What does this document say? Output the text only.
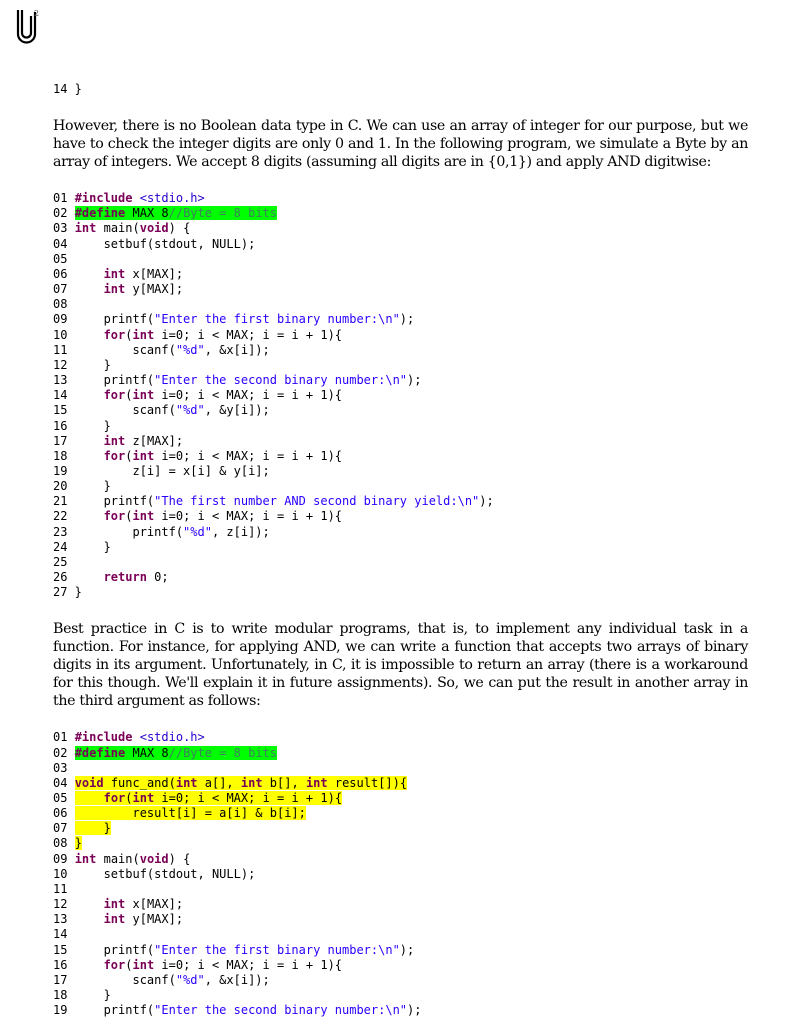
2
14 }

However, there is no Boolean data type in C. We can use an array of integer for our purpose, but we have to check the integer digits are only 0 and 1. In the following program, we simulate a Byte by an array of integers. We accept 8 digits (assuming all digits are in {0,1}) and apply AND digitwise:

01 #include <stdio.h>

02 #define MAX 8//Byte = 8 bits

03 int main(void) {

04     setbuf(stdout, NULL);

05

06     int x[MAX];

07     int y[MAX];

08

09     printf("Enter the first binary number:\n");

10     for(int i=0; i < MAX; i = i + 1){

11         scanf("%d", &x[i]);

12     }

13     printf("Enter the second binary number:\n");

14     for(int i=0; i < MAX; i = i + 1){

15         scanf("%d", &y[i]);

16     }

17     int z[MAX];

18     for(int i=0; i < MAX; i = i + 1){

19         z[i] = x[i] & y[i];

20     }

21     printf("The first number AND second binary yield:\n");

22     for(int i=0; i < MAX; i = i + 1){

23         printf("%d", z[i]);

24     }

25

26     return 0;

27 }

Best practice in C is to write modular programs, that is, to implement any individual task in a function. For instance, for applying AND, we can write a function that accepts two arrays of binary digits in its argument. Unfortunately, in C, it is impossible to return an array (there is a workaround for this though. We'll explain it in future assignments). So, we can put the result in another array in the third argument as follows:

01 #include <stdio.h>

02 #define MAX 8//Byte = 8 bits

03

04 void func_and(int a[], int b[], int result[]){

05     for(int i=0; i < MAX; i = i + 1){

06         result[i] = a[i] & b[i];

07     }

08 }

09 int main(void) {

10     setbuf(stdout, NULL);

11

12     int x[MAX];

13     int y[MAX];

14

15     printf("Enter the first binary number:\n");

16     for(int i=0; i < MAX; i = i + 1){

17         scanf("%d", &x[i]);

18     }

19     printf("Enter the second binary number:\n");
